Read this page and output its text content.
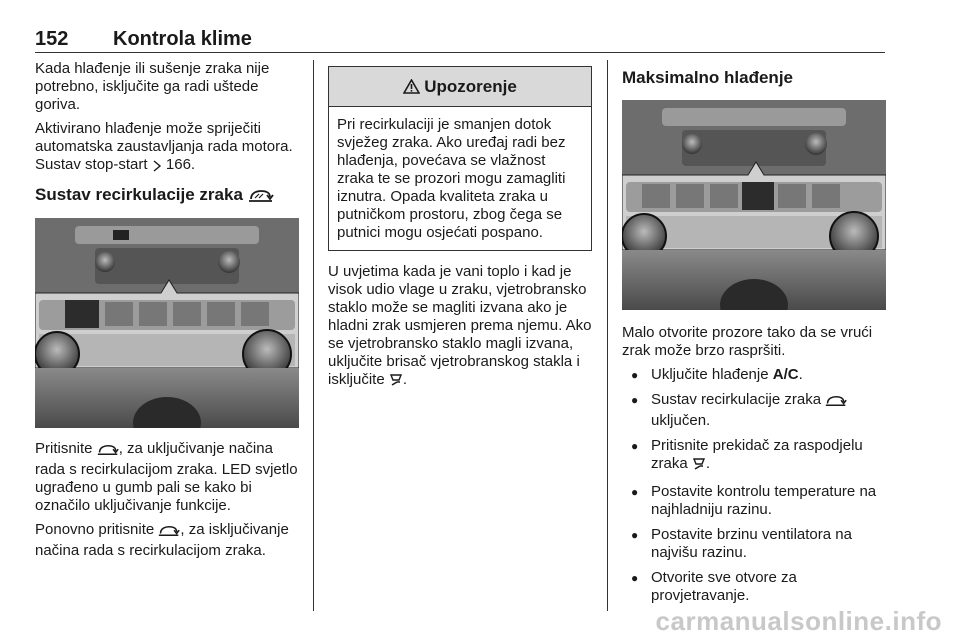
152 Kontrola klime

Kada hlađenje ili sušenje zraka nije potrebno, isključite ga radi uštede goriva.

Aktivirano hlađenje može spriječiti automatska zaustavljanja rada motora. Sustav stop-start  166.

Sustav recirkulacije zraka

Pritisnite , za uključivanje načina rada s recirkulacijom zraka. LED svjetlo ugrađeno u gumb pali se kako bi označilo uključivanje funkcije.

Ponovno pritisnite , za isključivanje načina rada s recirkulacijom zraka.

Upozorenje
Pri recirkulaciji je smanjen dotok svježeg zraka. Ako uređaj radi bez hlađenja, povećava se vlažnost zraka te se prozori mogu zamagliti iznutra. Opada kvaliteta zraka u putničkom prostoru, zbog čega se putnici mogu osjećati pospano.

U uvjetima kada je vani toplo i kad je visok udio vlage u zraku, vjetrobransko staklo može se magliti izvana ako je hladni zrak usmjeren prema njemu. Ako se vjetrobransko staklo magli izvana, uključite brisač vjetrobranskog stakla i isključite .

Maksimalno hlađenje

Malo otvorite prozore tako da se vrući zrak može brzo raspršiti.

● Uključite hlađenje A/C.
● Sustav recirkulacije zraka
uključen.
● Pritisnite prekidač za raspodjelu zraka .
● Postavite kontrolu temperature na najhladniju razinu.
● Postavite brzinu ventilatora na najvišu razinu.
● Otvorite sve otvore za provjetravanje.
carmanualsonline.info
